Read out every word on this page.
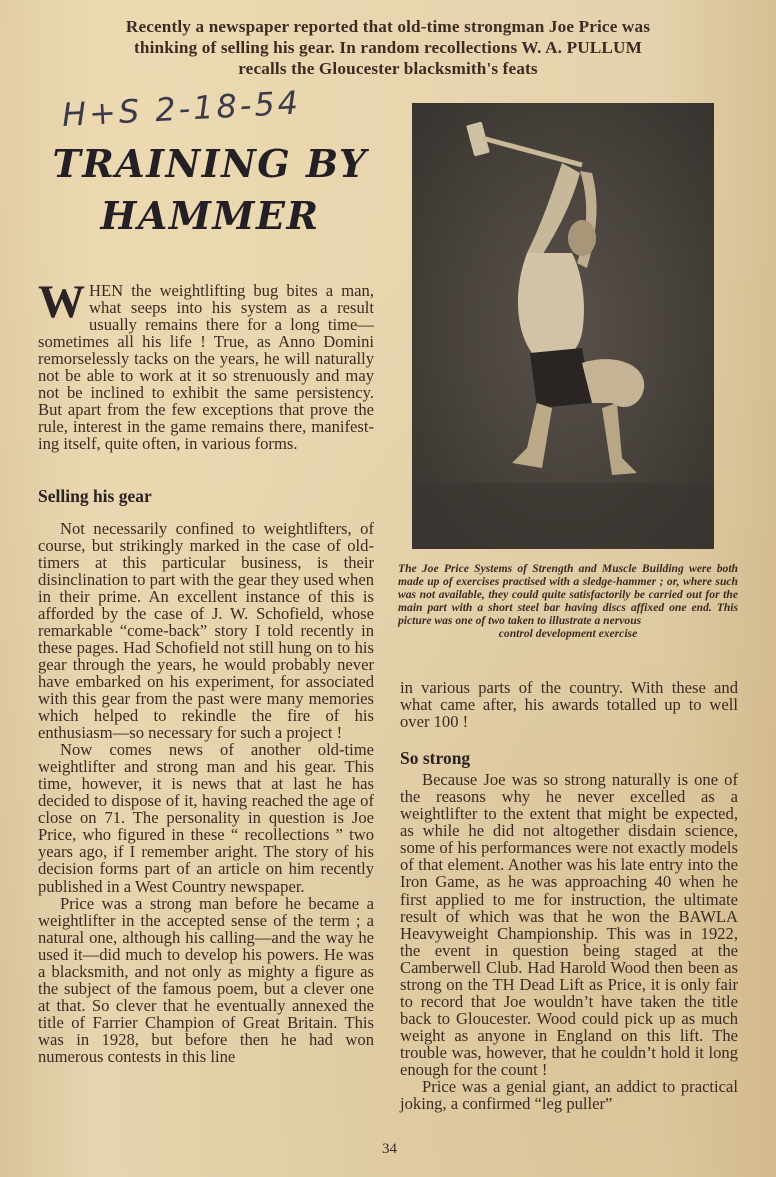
Recently a newspaper reported that old-time strongman Joe Price was

thinking of selling his gear. In random recollections W. A. PULLUM

recalls the Gloucester blacksmith's feats

H+S 2-18-54
TRAINING BY
HAMMER

WHEN the weightlifting bug bites a man, what seeps into his system as a result usually remains there for a long time—sometimes all his life ! True, as Anno Domini remorselessly tacks on the years, he will naturally not be able to work at it so strenuously and may not be inclined to exhibit the same persistency. But apart from the few exceptions that prove the rule, interest in the game remains there, manifest-ing itself, quite often, in various forms.

Selling his gear

Not necessarily confined to weightlifters, of course, but strikingly marked in the case of old-timers at this particular business, is their disinclination to part with the gear they used when in their prime. An excellent instance of this is afforded by the case of J. W. Schofield, whose remarkable “come-back” story I told recently in these pages. Had Schofield not still hung on to his gear through the years, he would probably never have embarked on his experiment, for associated with this gear from the past were many memories which helped to rekindle the fire of his enthusiasm—so necessary for such a project !

Now comes news of another old-time weightlifter and strong man and his gear. This time, however, it is news that at last he has decided to dispose of it, having reached the age of close on 71. The personality in question is Joe Price, who figured in these “ recollections ” two years ago, if I remember aright. The story of his decision forms part of an article on him recently published in a West Country newspaper.

Price was a strong man before he became a weightlifter in the accepted sense of the term ; a natural one, although his calling—and the way he used it—did much to develop his powers. He was a blacksmith, and not only as mighty a figure as the subject of the famous poem, but a clever one at that. So clever that he eventually annexed the title of Farrier Champion of Great Britain. This was in 1928, but before then he had won numerous contests in this line

The Joe Price Systems of Strength and Muscle Building were both made up of exercises practised with a sledge-hammer ; or, where such was not available, they could quite satisfactorily be carried out for the main part with a short steel bar having discs affixed one end. This picture was one of two taken to illustrate a nervous
control development exercise

in various parts of the country. With these and what came after, his awards totalled up to well over 100 !

So strong

Because Joe was so strong naturally is one of the reasons why he never excelled as a weightlifter to the extent that might be expected, as while he did not altogether disdain science, some of his performances were not exactly models of that element. Another was his late entry into the Iron Game, as he was approaching 40 when he first applied to me for instruction, the ultimate result of which was that he won the BAWLA Heavyweight Championship. This was in 1922, the event in question being staged at the Camberwell Club. Had Harold Wood then been as strong on the TH Dead Lift as Price, it is only fair to record that Joe wouldn’t have taken the title back to Gloucester. Wood could pick up as much weight as anyone in England on this lift. The trouble was, however, that he couldn’t hold it long enough for the count !

Price was a genial giant, an addict to practical joking, a confirmed “leg puller”

34
